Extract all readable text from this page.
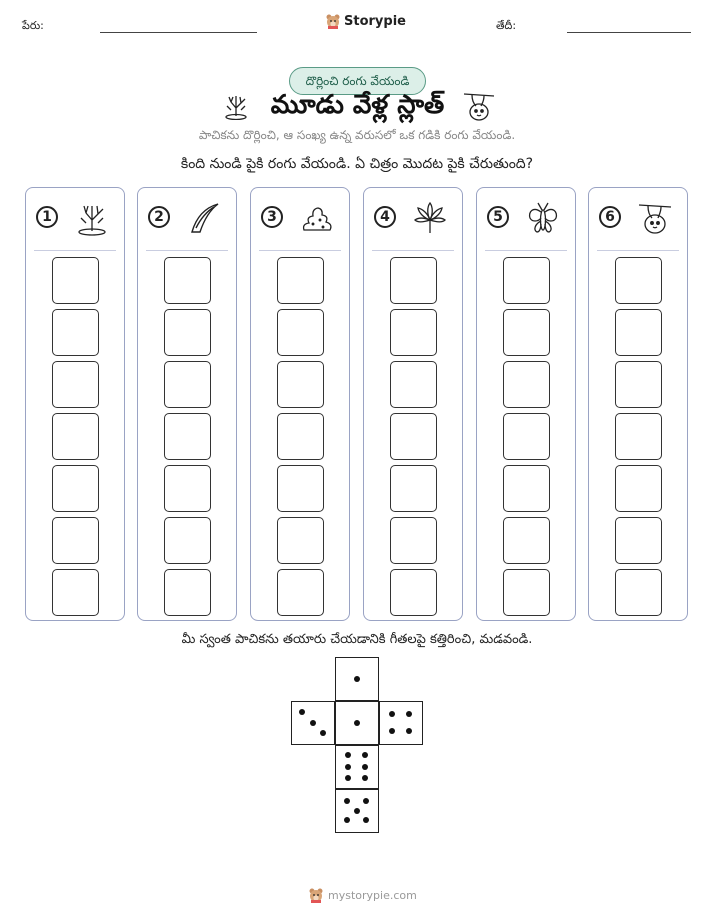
పేరు:	Storypie	తేదీ:
దొర్లించి రంగు వేయండి
మూడు వేళ్ల స్లాత్
పాచికను దొర్లించి, ఆ సంఖ్య ఉన్న వరుసలో ఒక గడికి రంగు వేయండి.
కింది నుండి పైకి రంగు వేయండి. ఏ చిత్రం మొదట పైకి చేరుతుంది?
1	2	3	4	5	6
మీ స్వంత పాచికను తయారు చేయడానికి గీతలపై కత్తిరించి, మడవండి.
mystorypie.com
